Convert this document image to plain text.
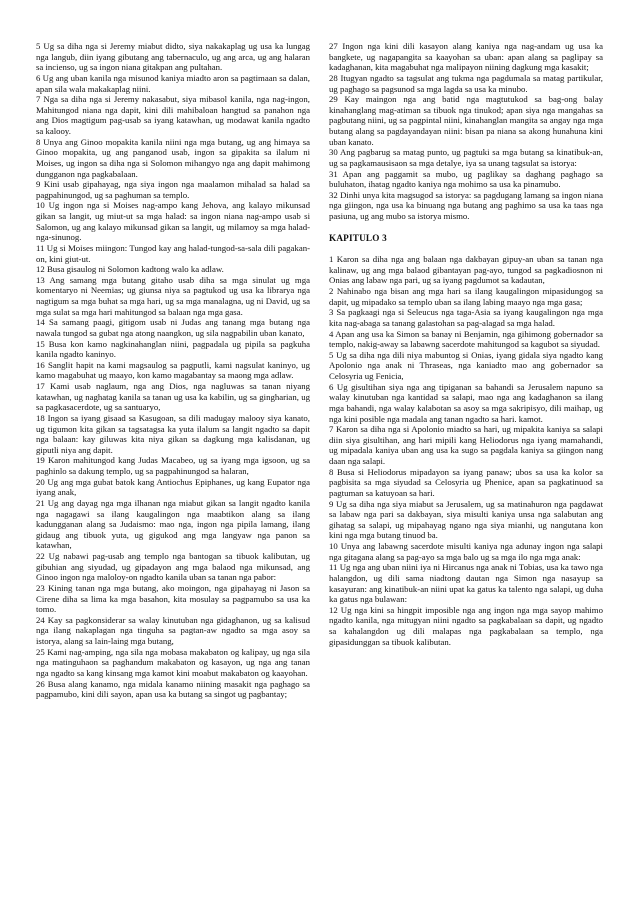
5 Ug sa diha nga si Jeremy miabut didto, siya nakakaplag ug usa ka lungag nga langub, diin iyang gibutang ang tabernaculo, ug ang arca, ug ang halaran sa incienso, ug sa ingon niana gitakpan ang pultahan.

6 Ug ang uban kanila nga misunod kaniya miadto aron sa pagtimaan sa dalan, apan sila wala makakaplag niini.

7 Nga sa diha nga si Jeremy nakasabut, siya mibasol kanila, nga nag-ingon, Mahitungod niana nga dapit, kini dili mahibaloan hangtud sa panahon nga ang Dios magtigum pag-usab sa iyang katawhan, ug modawat kanila ngadto sa kalooy.

8 Unya ang Ginoo mopakita kanila niini nga mga butang, ug ang himaya sa Ginoo mopakita, ug ang panganod usab, ingon sa gipakita sa ilalum ni Moises, ug ingon sa diha nga si Solomon mihangyo nga ang dapit mahimong dungganon nga pagkabalaan.

9 Kini usab gipahayag, nga siya ingon nga maalamon mihalad sa halad sa pagpahinungod, ug sa paghuman sa templo.

10 Ug ingon nga si Moises nag-ampo kang Jehova, ang kalayo mikunsad gikan sa langit, ug miut-ut sa mga halad: sa ingon niana nag-ampo usab si Salomon, ug ang kalayo mikunsad gikan sa langit, ug milamoy sa mga halad-nga-sinunog.

11 Ug si Moises miingon: Tungod kay ang halad-tungod-sa-sala dili pagakan-on, kini giut-ut.

12 Busa gisaulog ni Solomon kadtong walo ka adlaw.

13 Ang samang mga butang gitaho usab diha sa mga sinulat ug mga komentaryo ni Neemias; ug giunsa niya sa pagtukod ug usa ka librarya nga nagtigum sa mga buhat sa mga hari, ug sa mga manalagna, ug ni David, ug sa mga sulat sa mga hari mahitungod sa balaan nga mga gasa.

14 Sa samang paagi, gitigom usab ni Judas ang tanang mga butang nga nawala tungod sa gubat nga atong naangkon, ug sila nagpabilin uban kanato,

15 Busa kon kamo nagkinahanglan niini, pagpadala ug pipila sa pagkuha kanila ngadto kaninyo.

16 Sanglit hapit na kami magsaulog sa pagputli, kami nagsulat kaninyo, ug kamo magabuhat ug maayo, kon kamo magabantay sa maong mga adlaw.

17 Kami usab naglaum, nga ang Dios, nga nagluwas sa tanan niyang katawhan, ug naghatag kanila sa tanan ug usa ka kabilin, ug sa gingharian, ug sa pagkasacerdote, ug sa santuaryo,

18 Ingon sa iyang gisaad sa Kasugoan, sa dili madugay malooy siya kanato, ug tigumon kita gikan sa tagsatagsa ka yuta ilalum sa langit ngadto sa dapit nga balaan: kay giluwas kita niya gikan sa dagkung mga kalisdanan, ug giputli niya ang dapit.

19 Karon mahitungod kang Judas Macabeo, ug sa iyang mga igsoon, ug sa paghinlo sa dakung templo, ug sa pagpahinungod sa halaran,

20 Ug ang mga gubat batok kang Antiochus Epiphanes, ug kang Eupator nga iyang anak,

21 Ug ang dayag nga mga ilhanan nga miabut gikan sa langit ngadto kanila nga nagagawi sa ilang kaugalingon nga maabtikon alang sa ilang kadungganan alang sa Judaismo: mao nga, ingon nga pipila lamang, ilang gidaug ang tibuok yuta, ug gigukod ang mga langyaw nga panon sa katawhan,

22 Ug nabawi pag-usab ang templo nga bantogan sa tibuok kalibutan, ug gibuhian ang siyudad, ug gipadayon ang mga balaod nga mikunsad, ang Ginoo ingon nga maloloy-on ngadto kanila uban sa tanan nga pabor:

23 Kining tanan nga mga butang, ako moingon, nga gipahayag ni Jason sa Cirene diha sa lima ka mga basahon, kita mosulay sa pagpamubo sa usa ka tomo.

24 Kay sa pagkonsiderar sa walay kinutuban nga gidaghanon, ug sa kalisud nga ilang nakaplagan nga tinguha sa pagtan-aw ngadto sa mga asoy sa istorya, alang sa lain-laing mga butang,

25 Kami nag-amping, nga sila nga mobasa makabaton og kalipay, ug nga sila nga matinguhaon sa paghandum makabaton og kasayon, ug nga ang tanan nga ngadto sa kang kinsang mga kamot kini moabut makabaton og kaayohan.

26 Busa alang kanamo, nga midala kanamo niining masakit nga paghago sa pagpamubo, kini dili sayon, apan usa ka butang sa singot ug pagbantay;

27 Ingon nga kini dili kasayon alang kaniya nga nag-andam ug usa ka bangkete, ug nagapangita sa kaayohan sa uban: apan alang sa paglipay sa kadaghanan, kita magabuhat nga malipayon niining dagkung mga kasakit;

28 Itugyan ngadto sa tagsulat ang tukma nga pagdumala sa matag partikular, ug paghago sa pagsunod sa mga lagda sa usa ka minubo.

29 Kay maingon nga ang batid nga magtutukod sa bag-ong balay kinahanglang mag-atiman sa tibuok nga tinukod; apan siya nga mangahas sa pagbutang niini, ug sa pagpintal niini, kinahanglan mangita sa angay nga mga butang alang sa pagdayandayan niini: bisan pa niana sa akong hunahuna kini uban kanato.

30 Ang pagbarug sa matag punto, ug pagtuki sa mga butang sa kinatibuk-an, ug sa pagkamausisaon sa mga detalye, iya sa unang tagsulat sa istorya:

31 Apan ang paggamit sa mubo, ug paglikay sa daghang paghago sa buluhaton, ihatag ngadto kaniya nga mohimo sa usa ka pinamubo.

32 Dinhi unya kita magsugod sa istorya: sa pagdugang lamang sa ingon niana nga giingon, nga usa ka binuang nga butang ang paghimo sa usa ka taas nga pasiuna, ug ang mubo sa istorya mismo.

KAPITULO 3

1 Karon sa diha nga ang balaan nga dakbayan gipuy-an uban sa tanan nga kalinaw, ug ang mga balaod gibantayan pag-ayo, tungod sa pagkadiosnon ni Onias ang labaw nga pari, ug sa iyang pagdumot sa kadautan,

2 Nahinabo nga bisan ang mga hari sa ilang kaugalingon mipasidungog sa dapit, ug mipadako sa templo uban sa ilang labing maayo nga mga gasa;

3 Sa pagkaagi nga si Seleucus nga taga-Asia sa iyang kaugalingon nga mga kita nag-abaga sa tanang galastohan sa pag-alagad sa mga halad.

4 Apan ang usa ka Simon sa banay ni Benjamin, nga gihimong gobernador sa templo, nakig-away sa labawng sacerdote mahitungod sa kagubot sa siyudad.

5 Ug sa diha nga dili niya mabuntog si Onias, iyang gidala siya ngadto kang Apolonio nga anak ni Thraseas, nga kaniadto mao ang gobernador sa Celosyria ug Fenicia,

6 Ug gisultihan siya nga ang tipiganan sa bahandi sa Jerusalem napuno sa walay kinutuban nga kantidad sa salapi, mao nga ang kadaghanon sa ilang mga bahandi, nga walay kalabotan sa asoy sa mga sakripisyo, dili maihap, ug nga kini posible nga madala ang tanan ngadto sa hari. kamot.

7 Karon sa diha nga si Apolonio miadto sa hari, ug mipakita kaniya sa salapi diin siya gisultihan, ang hari mipili kang Heliodorus nga iyang mamahandi, ug mipadala kaniya uban ang usa ka sugo sa pagdala kaniya sa giingon nang daan nga salapi.

8 Busa si Heliodorus mipadayon sa iyang panaw; ubos sa usa ka kolor sa pagbisita sa mga siyudad sa Celosyria ug Phenice, apan sa pagkatinuod sa pagtuman sa katuyoan sa hari.

9 Ug sa diha nga siya miabut sa Jerusalem, ug sa matinahuron nga pagdawat sa labaw nga pari sa dakbayan, siya misulti kaniya unsa nga salabutan ang gihatag sa salapi, ug mipahayag ngano nga siya mianhi, ug nangutana kon kini nga mga butang tinuod ba.

10 Unya ang labawng sacerdote misulti kaniya nga adunay ingon nga salapi nga gitagana alang sa pag-ayo sa mga balo ug sa mga ilo nga mga anak:

11 Ug nga ang uban niini iya ni Hircanus nga anak ni Tobias, usa ka tawo nga halangdon, ug dili sama niadtong dautan nga Simon nga nasayup sa kasayuran: ang kinatibuk-an niini upat ka gatus ka talento nga salapi, ug duha ka gatus nga bulawan:

12 Ug nga kini sa hingpit imposible nga ang ingon nga mga sayop mahimo ngadto kanila, nga mitugyan niini ngadto sa pagkabalaan sa dapit, ug ngadto sa kahalangdon ug dili malapas nga pagkabalaan sa templo, nga gipasidunggan sa tibuok kalibutan.
